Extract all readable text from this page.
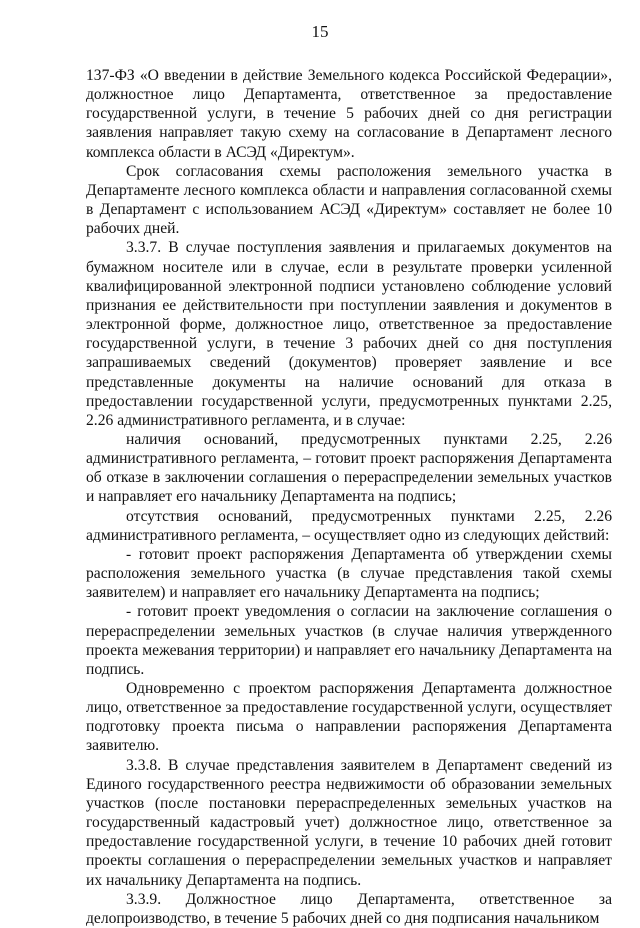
15

137-ФЗ «О введении в действие Земельного кодекса Российской Федерации», должностное лицо Департамента, ответственное за предоставление государственной услуги, в течение 5 рабочих дней со дня регистрации заявления направляет такую схему на согласование в Департамент лесного комплекса области в АСЭД «Директум».

Срок согласования схемы расположения земельного участка в Департаменте лесного комплекса области и направления согласованной схемы в Департамент с использованием АСЭД «Директум» составляет не более 10 рабочих дней.

3.3.7. В случае поступления заявления и прилагаемых документов на бумажном носителе или в случае, если в результате проверки усиленной квалифицированной электронной подписи установлено соблюдение условий признания ее действительности при поступлении заявления и документов в электронной форме, должностное лицо, ответственное за предоставление государственной услуги, в течение 3 рабочих дней со дня поступления запрашиваемых сведений (документов) проверяет заявление и все представленные документы на наличие оснований для отказа в предоставлении государственной услуги, предусмотренных пунктами 2.25, 2.26 административного регламента, и в случае:

наличия оснований, предусмотренных пунктами 2.25, 2.26 административного регламента, – готовит проект распоряжения Департамента об отказе в заключении соглашения о перераспределении земельных участков и направляет его начальнику Департамента на подпись;

отсутствия оснований, предусмотренных пунктами 2.25, 2.26 административного регламента, – осуществляет одно из следующих действий:

- готовит проект распоряжения Департамента об утверждении схемы расположения земельного участка (в случае представления такой схемы заявителем) и направляет его начальнику Департамента на подпись;

- готовит проект уведомления о согласии на заключение соглашения о перераспределении земельных участков (в случае наличия утвержденного проекта межевания территории) и направляет его начальнику Департамента на подпись.

Одновременно с проектом распоряжения Департамента должностное лицо, ответственное за предоставление государственной услуги, осуществляет подготовку проекта письма о направлении распоряжения Департамента заявителю.

3.3.8. В случае представления заявителем в Департамент сведений из Единого государственного реестра недвижимости об образовании земельных участков (после постановки перераспределенных земельных участков на государственный кадастровый учет) должностное лицо, ответственное за предоставление государственной услуги, в течение 10 рабочих дней готовит проекты соглашения о перераспределении земельных участков и направляет их начальнику Департамента на подпись.

3.3.9. Должностное лицо Департамента, ответственное за делопроизводство, в течение 5 рабочих дней со дня подписания начальником
